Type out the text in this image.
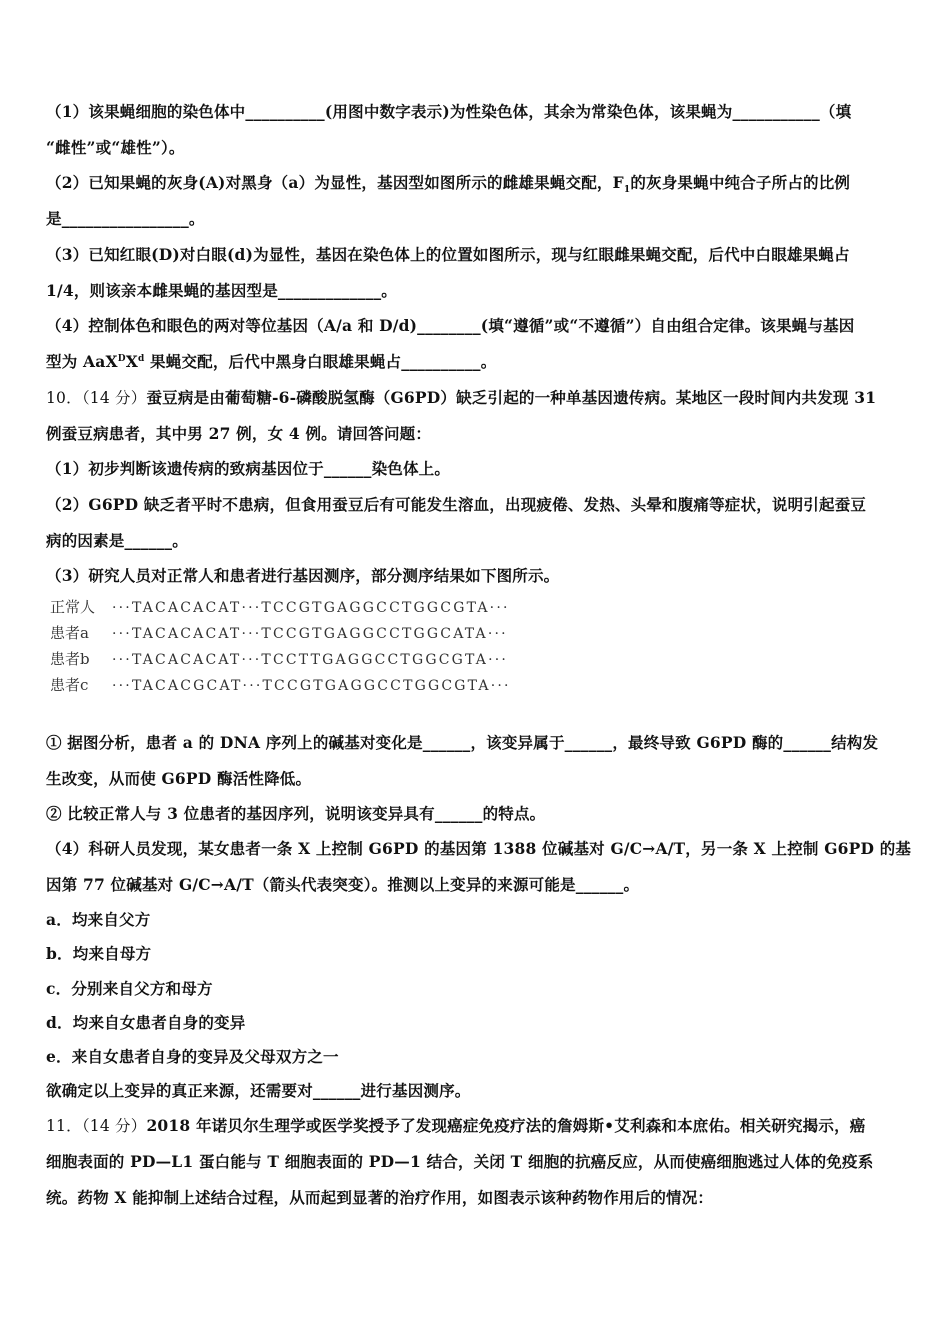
（1）该果蝇细胞的染色体中__________(用图中数字表示)为性染色体，其余为常染色体，该果蝇为___________（填
“雌性”或“雄性”）。
（2）已知果蝇的灰身(A)对黑身（a）为显性，基因型如图所示的雌雄果蝇交配，$F_1$的灰身果蝇中纯合子所占的比例
是________________。
（3）已知红眼(D)对白眼(d)为显性，基因在染色体上的位置如图所示，现与红眼雌果蝇交配，后代中白眼雄果蝇占
1/4，则该亲本雌果蝇的基因型是_____________。
（4）控制体色和眼色的两对等位基因（A/a 和 D/d)________(填“遵循”或“不遵循”）自由组合定律。该果蝇与基因
型为 $AaX^DX^d$ 果蝇交配，后代中黑身白眼雄果蝇占__________。
10．（14 分）蚕豆病是由葡萄糖-6-磷酸脱氢酶（G6PD）缺乏引起的一种单基因遗传病。某地区一段时间内共发现 31
例蚕豆病患者，其中男 27 例，女 4 例。请回答问题：
（1）初步判断该遗传病的致病基因位于______染色体上。
（2）G6PD 缺乏者平时不患病，但食用蚕豆后有可能发生溶血，出现疲倦、发热、头晕和腹痛等症状，说明引起蚕豆
病的因素是______。
（3）研究人员对正常人和患者进行基因测序，部分测序结果如下图所示。
正常人 ···TACACACAT···TCCGTGAGGCCTGGCGTA···
患者a ···TACACACAT···TCCGTGAGGCCTGGCATA···
患者b ···TACACACAT···TCCTTGAGGCCTGGCGTA···
患者c ···TACACGCAT···TCCGTGAGGCCTGGCGTA···
① 据图分析，患者 a 的 DNA 序列上的碱基对变化是______，该变异属于______，最终导致 G6PD 酶的______结构发
生改变，从而使 G6PD 酶活性降低。
② 比较正常人与 3 位患者的基因序列，说明该变异具有______的特点。
（4）科研人员发现，某女患者一条 X 上控制 G6PD 的基因第 1388 位碱基对 G/C→A/T，另一条 X 上控制 G6PD 的基
因第 77 位碱基对 G/C→A/T（箭头代表突变）。推测以上变异的来源可能是______。
a．均来自父方
b．均来自母方
c．分别来自父方和母方
d．均来自女患者自身的变异
e．来自女患者自身的变异及父母双方之一
欲确定以上变异的真正来源，还需要对______进行基因测序。
11．（14 分）2018 年诺贝尔生理学或医学奖授予了发现癌症免疫疗法的詹姆斯•艾利森和本庶佑。相关研究揭示，癌
细胞表面的 PD—L1 蛋白能与 T 细胞表面的 PD—1 结合，关闭 T 细胞的抗癌反应，从而使癌细胞逃过人体的免疫系
统。药物 X 能抑制上述结合过程，从而起到显著的治疗作用，如图表示该种药物作用后的情况：
